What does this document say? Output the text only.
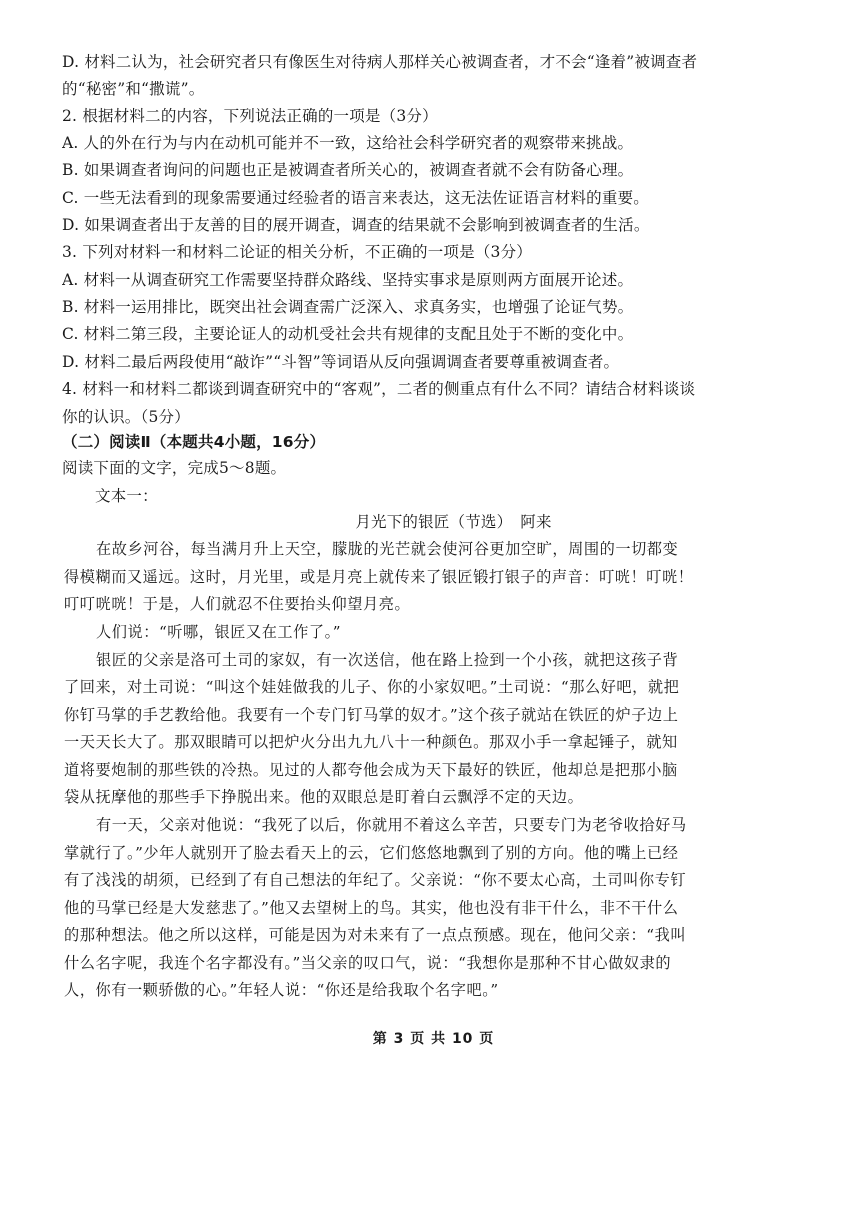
D. 材料二认为，社会研究者只有像医生对待病人那样关心被调查者，才不会“逢着”被调查者
的“秘密”和“撒谎”。
2. 根据材料二的内容，下列说法正确的一项是（3分）
A. 人的外在行为与内在动机可能并不一致，这给社会科学研究者的观察带来挑战。
B. 如果调查者询问的问题也正是被调查者所关心的，被调查者就不会有防备心理。
C. 一些无法看到的现象需要通过经验者的语言来表达，这无法佐证语言材料的重要。
D. 如果调查者出于友善的目的展开调查，调查的结果就不会影响到被调查者的生活。
3. 下列对材料一和材料二论证的相关分析，不正确的一项是（3分）
A. 材料一从调查研究工作需要坚持群众路线、坚持实事求是原则两方面展开论述。
B. 材料一运用排比，既突出社会调查需广泛深入、求真务实，也增强了论证气势。
C. 材料二第三段，主要论证人的动机受社会共有规律的支配且处于不断的变化中。
D. 材料二最后两段使用“敲诈”“斗智”等词语从反向强调调查者要尊重被调查者。
4. 材料一和材料二都谈到调查研究中的“客观”，二者的侧重点有什么不同？请结合材料谈谈
你的认识。（5分）
（二）阅读Ⅱ（本题共4小题，16分）
阅读下面的文字，完成5～8题。
文本一：
月光下的银匠（节选）　阿来
在故乡河谷，每当满月升上天空，朦胧的光芒就会使河谷更加空旷，周围的一切都变
得模糊而又遥远。这时，月光里，或是月亮上就传来了银匠锻打银子的声音：叮咣！叮咣！
叮叮咣咣！于是，人们就忍不住要抬头仰望月亮。
人们说：“听哪，银匠又在工作了。”
银匠的父亲是洛可土司的家奴，有一次送信，他在路上捡到一个小孩，就把这孩子背
了回来，对土司说：“叫这个娃娃做我的儿子、你的小家奴吧。”土司说：“那么好吧，就把
你钉马掌的手艺教给他。我要有一个专门钉马掌的奴才。”这个孩子就站在铁匠的炉子边上
一天天长大了。那双眼睛可以把炉火分出九九八十一种颜色。那双小手一拿起锤子，就知
道将要炮制的那些铁的冷热。见过的人都夸他会成为天下最好的铁匠，他却总是把那小脑
袋从抚摩他的那些手下挣脱出来。他的双眼总是盯着白云飘浮不定的天边。
有一天，父亲对他说：“我死了以后，你就用不着这么辛苦，只要专门为老爷收拾好马
掌就行了。”少年人就别开了脸去看天上的云，它们悠悠地飘到了别的方向。他的嘴上已经
有了浅浅的胡须，已经到了有自己想法的年纪了。父亲说：“你不要太心高，土司叫你专钉
他的马掌已经是大发慈悲了。”他又去望树上的鸟。其实，他也没有非干什么，非不干什么
的那种想法。他之所以这样，可能是因为对未来有了一点点预感。现在，他问父亲：“我叫
什么名字呢，我连个名字都没有。”当父亲的叹口气，说：“我想你是那种不甘心做奴隶的
人，你有一颗骄傲的心。”年轻人说：“你还是给我取个名字吧。”
第 3 页 共 10 页
